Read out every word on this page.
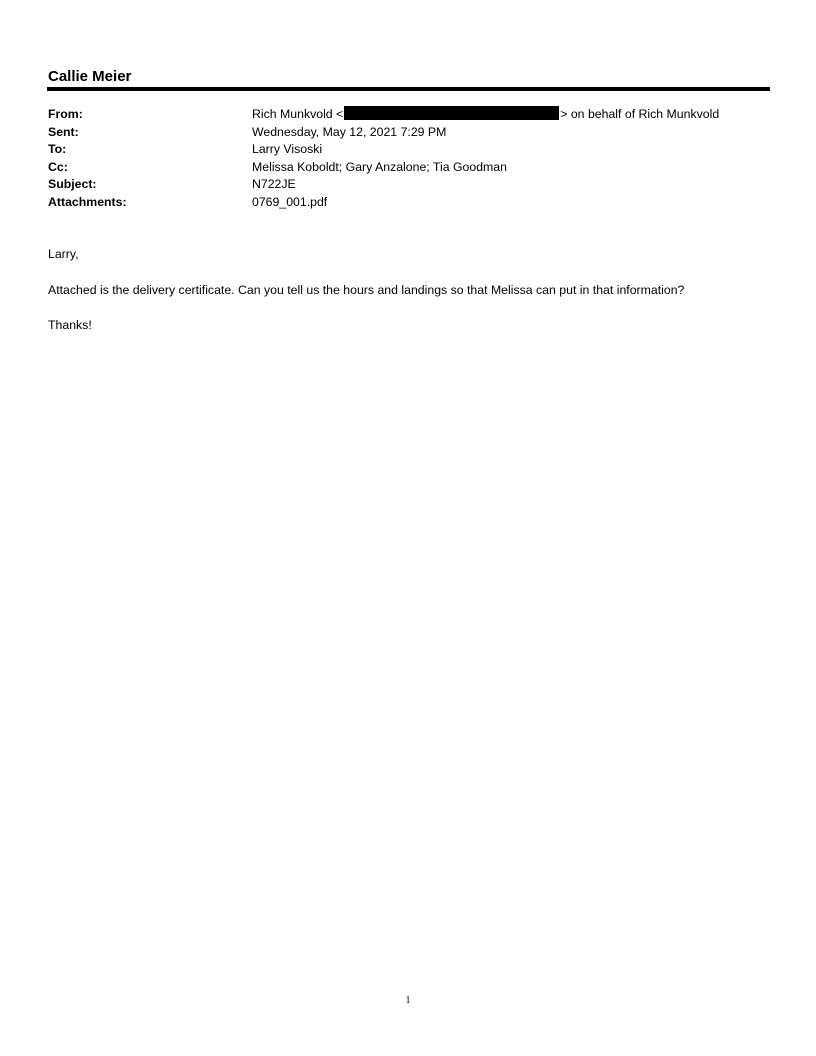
Callie Meier
From:	Rich Munkvold <	> on behalf of Rich Munkvold
Sent:	Wednesday, May 12, 2021 7:29 PM
To:	Larry Visoski
Cc:	Melissa Koboldt; Gary Anzalone; Tia Goodman
Subject:	N722JE
Attachments:	0769_001.pdf
Larry,
Attached is the delivery certificate. Can you tell us the hours and landings so that Melissa can put in that information?
Thanks!
1
